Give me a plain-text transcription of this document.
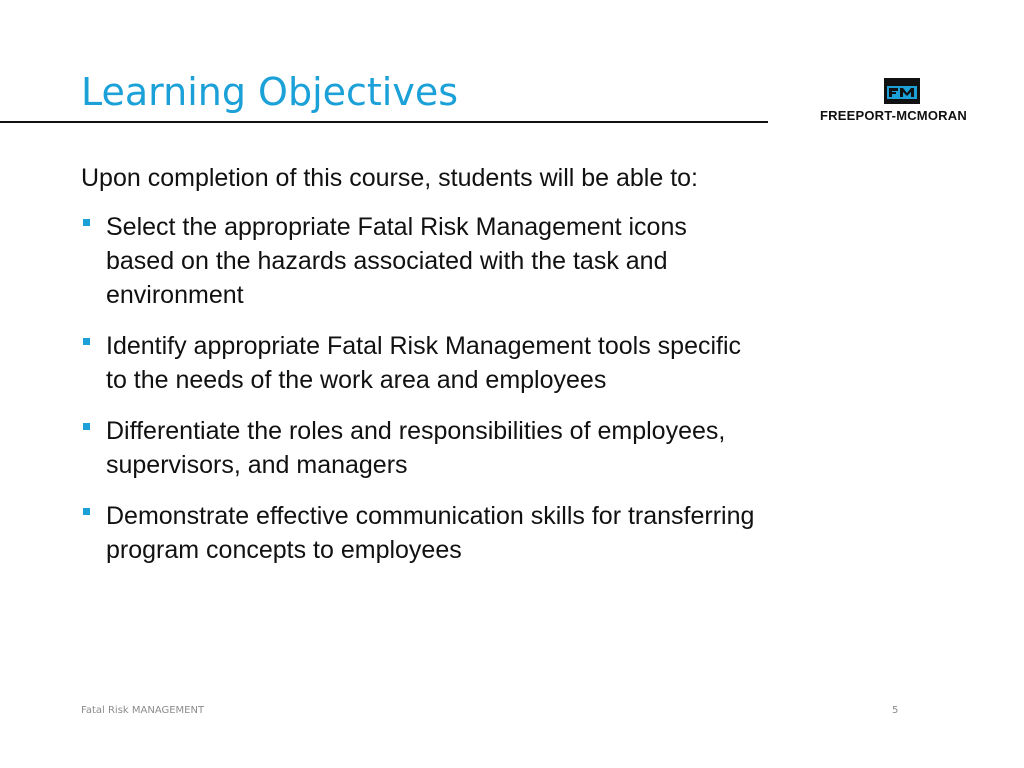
Learning Objectives
FREEPORT-MCMORAN

Upon completion of this course, students will be able to:

Select the appropriate Fatal Risk Management icons based on the hazards associated with the task and environment
Identify appropriate Fatal Risk Management tools specific to the needs of the work area and employees
Differentiate the roles and responsibilities of employees, supervisors, and managers
Demonstrate effective communication skills for transferring program concepts to employees
Fatal Risk MANAGEMENT	5
